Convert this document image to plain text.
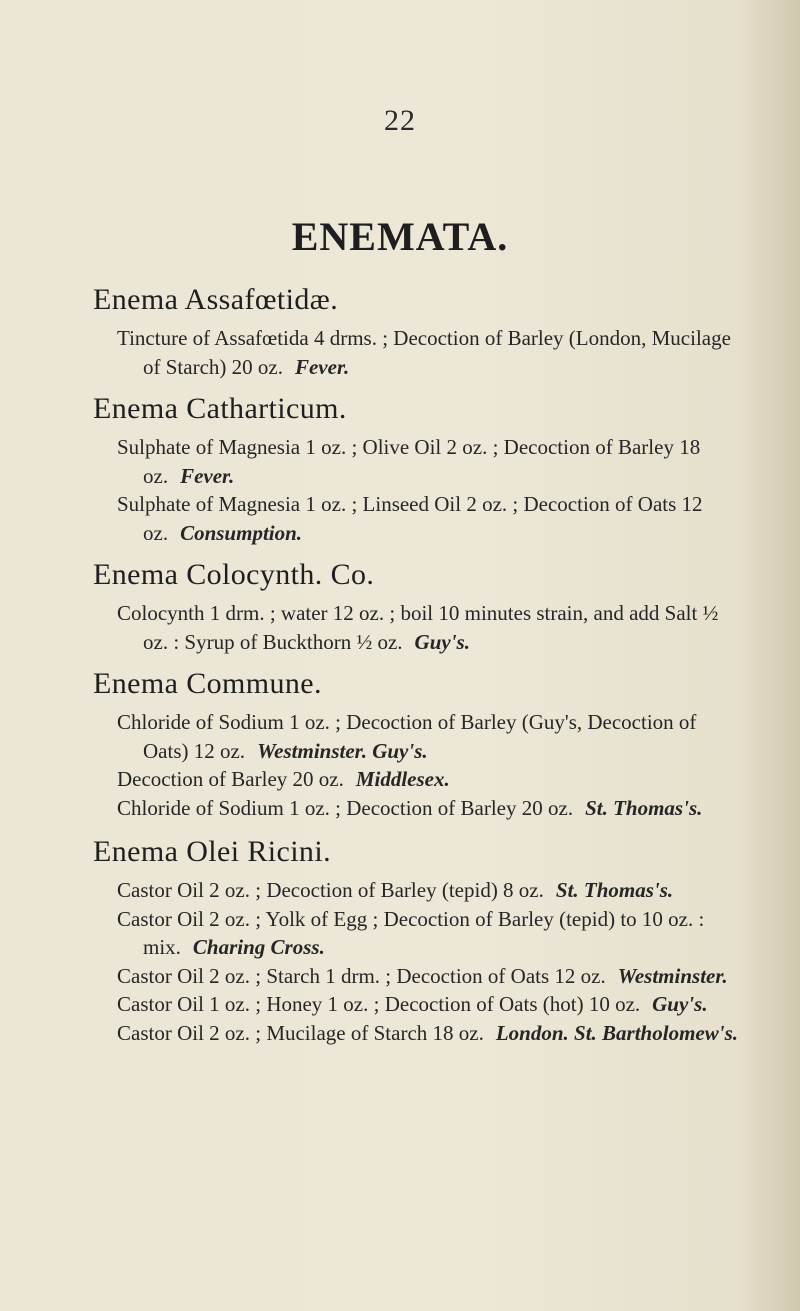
22
ENEMATA.
Enema Assafœtidæ.

Tincture of Assafœtida 4 drms. ; Decoction of Barley (London, Mucilage of Starch) 20 oz. Fever.

Enema Catharticum.

Sulphate of Magnesia 1 oz. ; Olive Oil 2 oz. ; Decoction of Barley 18 oz. Fever.

Sulphate of Magnesia 1 oz. ; Linseed Oil 2 oz. ; Decoction of Oats 12 oz. Consumption.

Enema Colocynth. Co.

Colocynth 1 drm. ; water 12 oz. ; boil 10 minutes strain, and add Salt ½ oz. : Syrup of Buckthorn ½ oz. Guy's.

Enema Commune.

Chloride of Sodium 1 oz. ; Decoction of Barley (Guy's, Decoction of Oats) 12 oz. Westminster. Guy's.

Decoction of Barley 20 oz. Middlesex.

Chloride of Sodium 1 oz. ; Decoction of Barley 20 oz. St. Thomas's.

Enema Olei Ricini.

Castor Oil 2 oz. ; Decoction of Barley (tepid) 8 oz. St. Thomas's.

Castor Oil 2 oz. ; Yolk of Egg ; Decoction of Barley (tepid) to 10 oz. : mix. Charing Cross.

Castor Oil 2 oz. ; Starch 1 drm. ; Decoction of Oats 12 oz. Westminster.

Castor Oil 1 oz. ; Honey 1 oz. ; Decoction of Oats (hot) 10 oz. Guy's.

Castor Oil 2 oz. ; Mucilage of Starch 18 oz. London. St. Bartholomew's.
